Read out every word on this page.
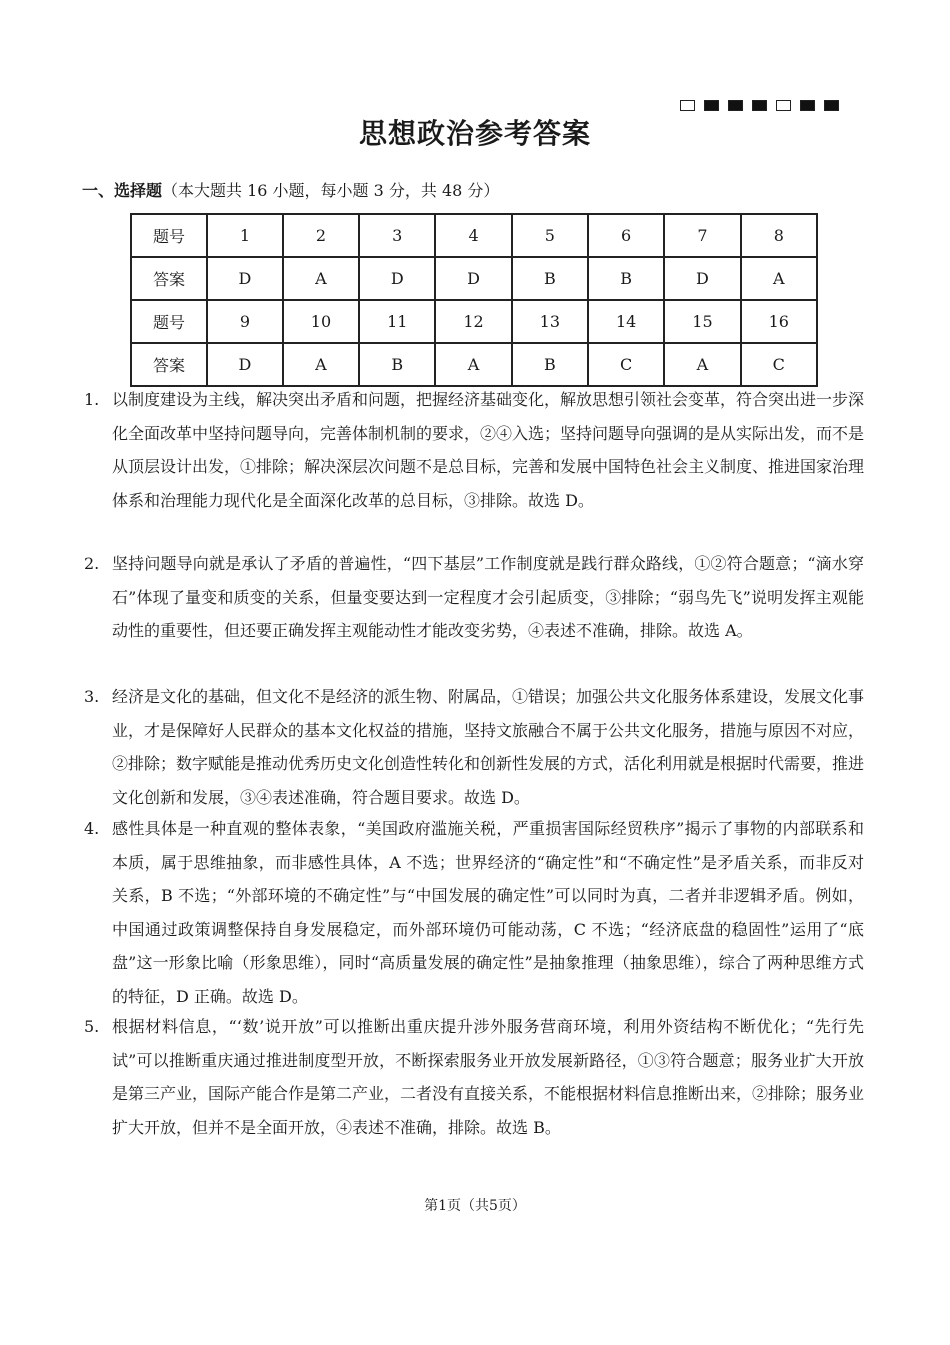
思想政治参考答案
一、选择题（本大题共 16 小题，每小题 3 分，共 48 分）
题号	1	2	3	4	5	6	7	8
答案	D	A	D	D	B	B	D	A
题号	9	10	11	12	13	14	15	16
答案	D	A	B	A	B	C	A	C
1. 以制度建设为主线，解决突出矛盾和问题，把握经济基础变化，解放思想引领社会变革，符合突出进一步深化全面改革中坚持问题导向，完善体制机制的要求，②④入选；坚持问题导向强调的是从实际出发，而不是从顶层设计出发，①排除；解决深层次问题不是总目标，完善和发展中国特色社会主义制度、推进国家治理体系和治理能力现代化是全面深化改革的总目标，③排除。故选 D。
2. 坚持问题导向就是承认了矛盾的普遍性，“四下基层”工作制度就是践行群众路线，①②符合题意；“滴水穿石”体现了量变和质变的关系，但量变要达到一定程度才会引起质变，③排除；“弱鸟先飞”说明发挥主观能动性的重要性，但还要正确发挥主观能动性才能改变劣势，④表述不准确，排除。故选 A。
3. 经济是文化的基础，但文化不是经济的派生物、附属品，①错误；加强公共文化服务体系建设，发展文化事业，才是保障好人民群众的基本文化权益的措施，坚持文旅融合不属于公共文化服务，措施与原因不对应，②排除；数字赋能是推动优秀历史文化创造性转化和创新性发展的方式，活化利用就是根据时代需要，推进文化创新和发展，③④表述准确，符合题目要求。故选 D。
4. 感性具体是一种直观的整体表象，“美国政府滥施关税，严重损害国际经贸秩序”揭示了事物的内部联系和本质，属于思维抽象，而非感性具体，A 不选；世界经济的“确定性”和“不确定性”是矛盾关系，而非反对关系，B 不选；“外部环境的不确定性”与“中国发展的确定性”可以同时为真，二者并非逻辑矛盾。例如，中国通过政策调整保持自身发展稳定，而外部环境仍可能动荡，C 不选；“经济底盘的稳固性”运用了“底盘”这一形象比喻（形象思维），同时“高质量发展的确定性”是抽象推理（抽象思维），综合了两种思维方式的特征，D 正确。故选 D。
5. 根据材料信息，“‘数’说开放”可以推断出重庆提升涉外服务营商环境，利用外资结构不断优化；“先行先试”可以推断重庆通过推进制度型开放，不断探索服务业开放发展新路径，①③符合题意；服务业扩大开放是第三产业，国际产能合作是第二产业，二者没有直接关系，不能根据材料信息推断出来，②排除；服务业扩大开放，但并不是全面开放，④表述不准确，排除。故选 B。
第1页（共5页）
